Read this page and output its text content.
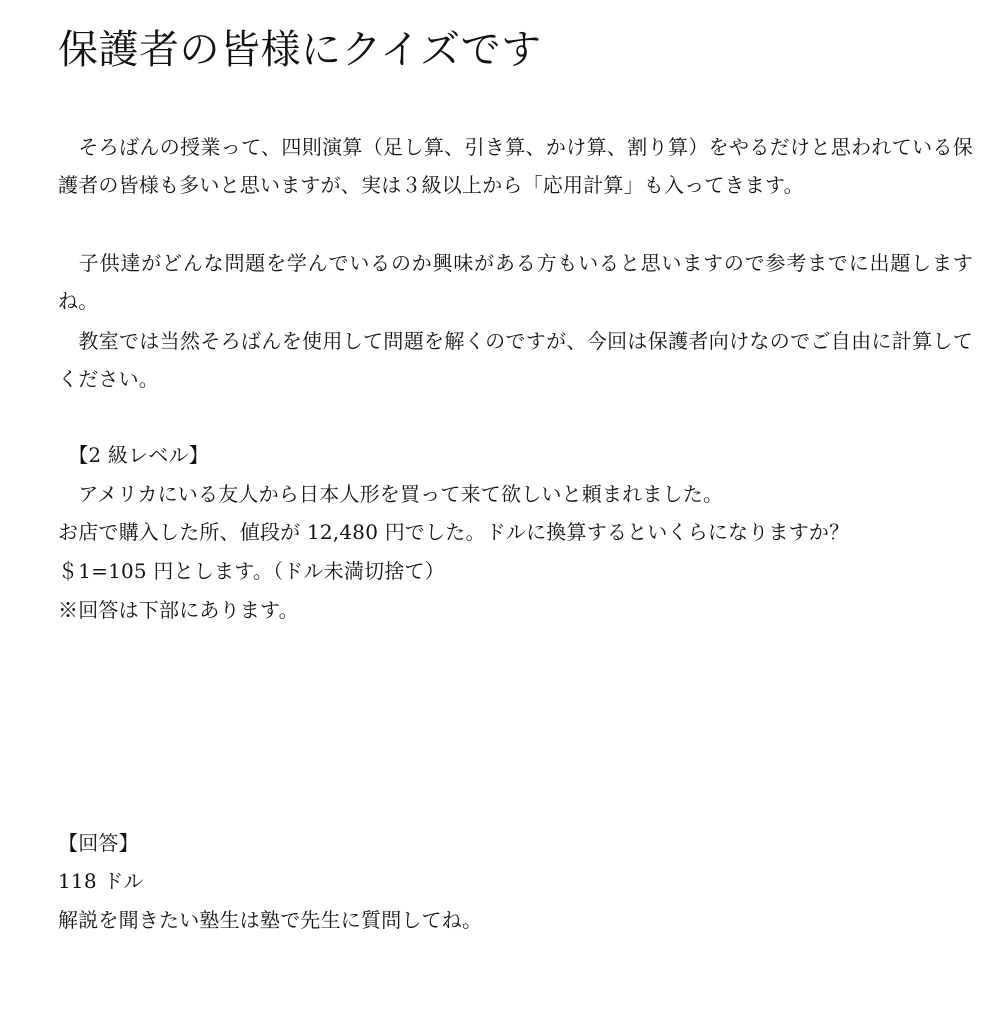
保護者の皆様にクイズです

　そろばんの授業って、四則演算（足し算、引き算、かけ算、割り算）をやるだけと思われている保護者の皆様も多いと思いますが、実は３級以上から「応用計算」も入ってきます。

　子供達がどんな問題を学んでいるのか興味がある方もいると思いますので参考までに出題しますね。

　教室では当然そろばんを使用して問題を解くのですが、今回は保護者向けなのでご自由に計算してください。

　【2 級レベル】

　アメリカにいる友人から日本人形を買って来て欲しいと頼まれました。

お店で購入した所、値段が 12,480 円でした。ドルに換算するといくらになりますか？

＄1=105 円とします。（ドル未満切捨て）

※回答は下部にあります。

【回答】

118 ドル

解説を聞きたい塾生は塾で先生に質問してね。
